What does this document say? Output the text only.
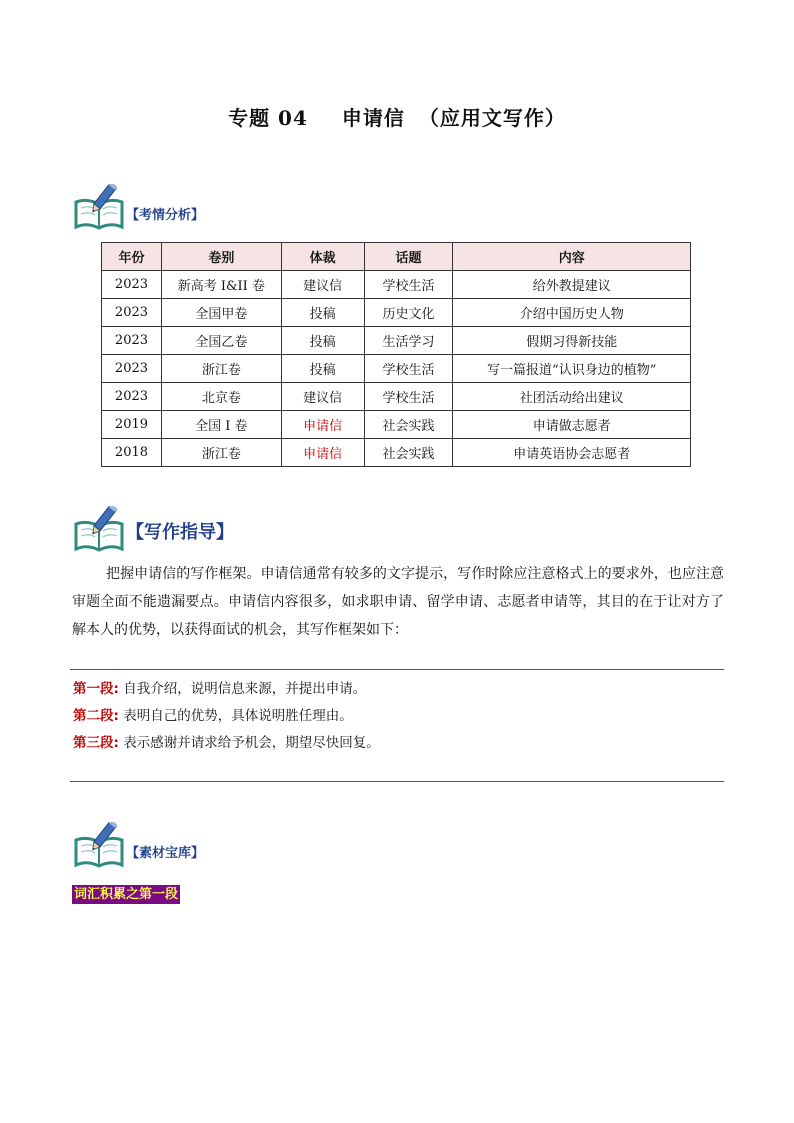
专题 04 申请信 （应用文写作）
【考情分析】
年份	卷别	体裁	话题	内容
2023	新高考 I&II 卷	建议信	学校生活	给外教提建议
2023	全国甲卷	投稿	历史文化	介绍中国历史人物
2023	全国乙卷	投稿	生活学习	假期习得新技能
2023	浙江卷	投稿	学校生活	写一篇报道“认识身边的植物”
2023	北京卷	建议信	学校生活	社团活动给出建议
2019	全国 I 卷	申请信	社会实践	申请做志愿者
2018	浙江卷	申请信	社会实践	申请英语协会志愿者
【写作指导】

把握申请信的写作框架。申请信通常有较多的文字提示，写作时除应注意格式上的要求外，也应注意审题全面不能遗漏要点。申请信内容很多，如求职申请、留学申请、志愿者申请等，其目的在于让对方了解本人的优势，以获得面试的机会，其写作框架如下：

第一段: 自我介绍，说明信息来源，并提出申请。
第二段: 表明自己的优势，具体说明胜任理由。
第三段: 表示感谢并请求给予机会，期望尽快回复。
【素材宝库】
词汇积累之第一段
